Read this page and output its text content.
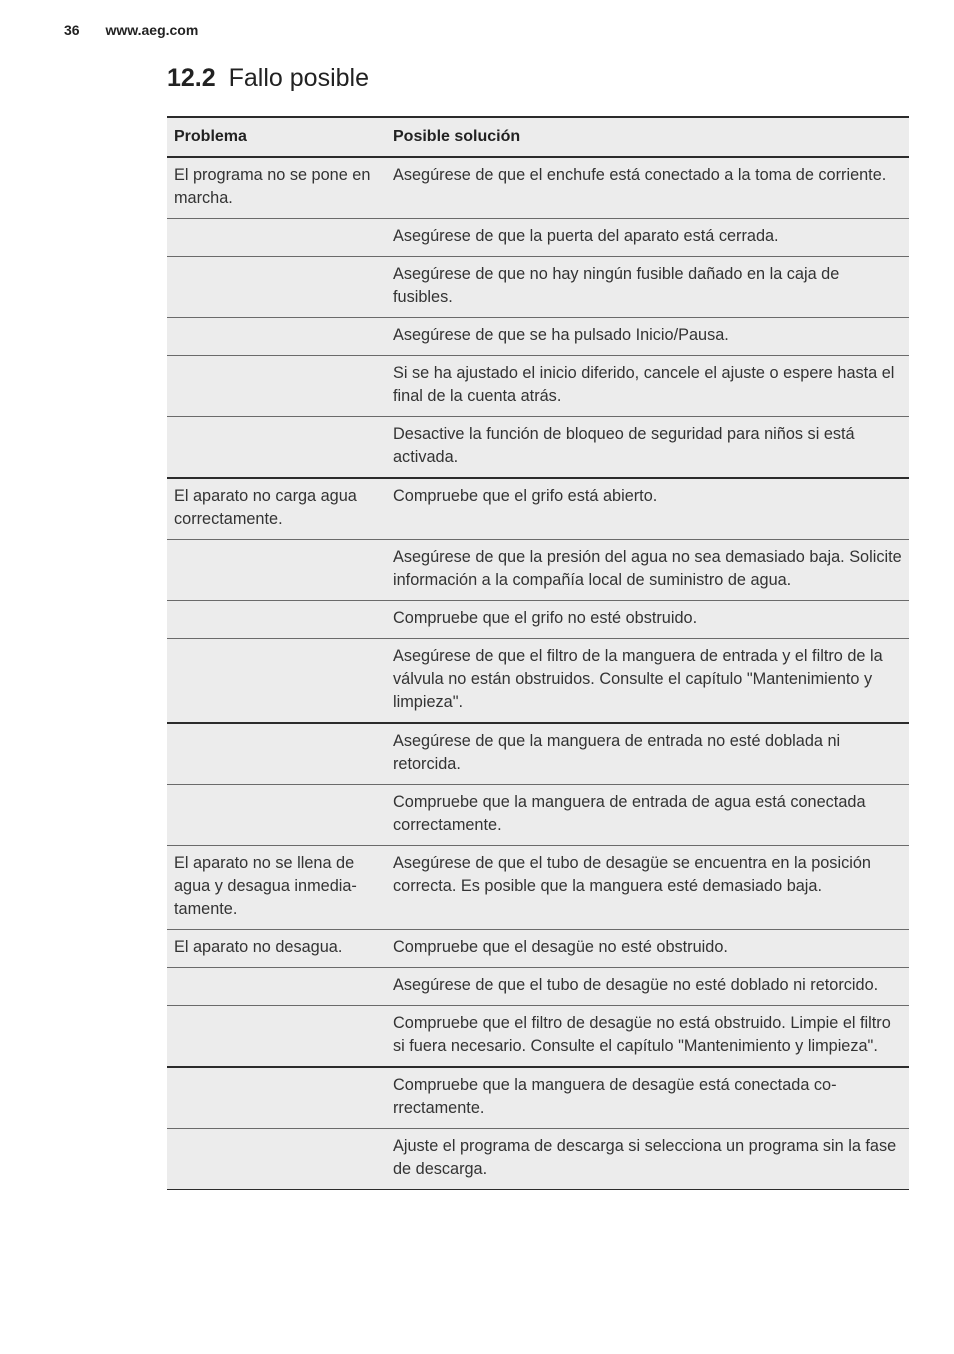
36 www.aeg.com
12.2 Fallo posible
Problema	Posible solución
El programa no se pone en marcha.	Asegúrese de que el enchufe está conectado a la toma de corriente.
	Asegúrese de que la puerta del aparato está cerrada.
	Asegúrese de que no hay ningún fusible dañado en la caja de fusibles.
	Asegúrese de que se ha pulsado Inicio/Pausa.
	Si se ha ajustado el inicio diferido, cancele el ajuste o espere hasta el final de la cuenta atrás.
	Desactive la función de bloqueo de seguridad para niños si está activada.
El aparato no carga agua correctamente.	Compruebe que el grifo está abierto.
	Asegúrese de que la presión del agua no sea demasiado baja. Solicite información a la compañía local de suministro de agua.
	Compruebe que el grifo no esté obstruido.
	Asegúrese de que el filtro de la manguera de entrada y el filtro de la válvula no están obstruidos. Consulte el capítulo "Mantenimiento y limpieza".
	Asegúrese de que la manguera de entrada no esté doblada ni retorcida.
	Compruebe que la manguera de entrada de agua está conectada correctamente.
El aparato no se llena de agua y desagua inmediatamente.	Asegúrese de que el tubo de desagüe se encuentra en la posición correcta. Es posible que la manguera esté demasiado baja.
El aparato no desagua.	Compruebe que el desagüe no esté obstruido.
	Asegúrese de que el tubo de desagüe no esté doblado ni retorcido.
	Compruebe que el filtro de desagüe no está obstruido. Limpie el filtro si fuera necesario. Consulte el capítulo "Mantenimiento y limpieza".
	Compruebe que la manguera de desagüe está conectada correctamente.
	Ajuste el programa de descarga si selecciona un programa sin la fase de descarga.
